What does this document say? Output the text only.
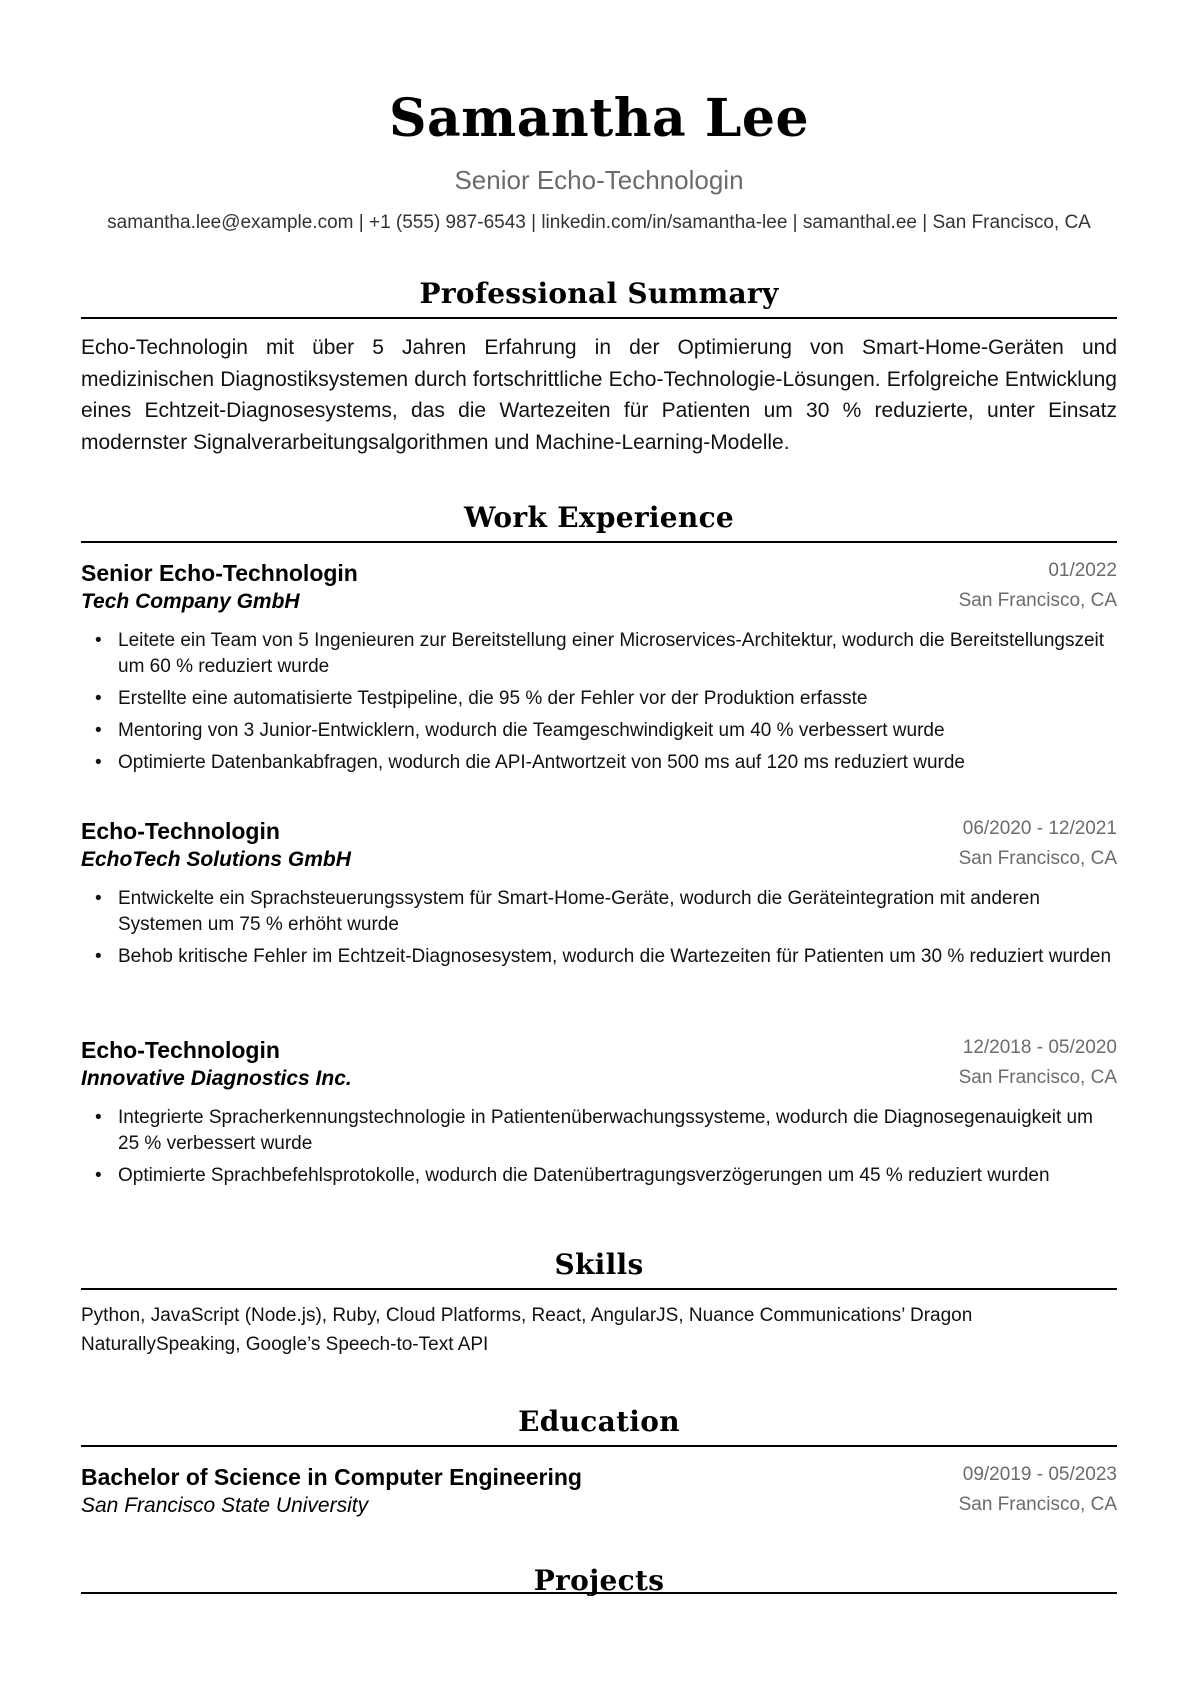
Samantha Lee
Senior Echo-Technologin
samantha.lee@example.com | +1 (555) 987-6543 | linkedin.com/in/samantha-lee | samanthal.ee | San Francisco, CA
Professional Summary

Echo-Technologin mit über 5 Jahren Erfahrung in der Optimierung von Smart-Home-Geräten und medizinischen Diagnostiksystemen durch fortschrittliche Echo-Technologie-Lösungen. Erfolgreiche Entwicklung eines Echtzeit-Diagnosesystems, das die Wartezeiten für Patienten um 30 % reduzierte, unter Einsatz modernster Signalverarbeitungsalgorithmen und Machine-Learning-Modelle.

Work Experience
Senior Echo-Technologin	01/2022
Tech Company GmbH	San Francisco, CA
• Leitete ein Team von 5 Ingenieuren zur Bereitstellung einer Microservices-Architektur, wodurch die Bereitstellungszeit um 60 % reduziert wurde
• Erstellte eine automatisierte Testpipeline, die 95 % der Fehler vor der Produktion erfasste
• Mentoring von 3 Junior-Entwicklern, wodurch die Teamgeschwindigkeit um 40 % verbessert wurde
• Optimierte Datenbankabfragen, wodurch die API-Antwortzeit von 500 ms auf 120 ms reduziert wurde
Echo-Technologin	06/2020 - 12/2021
EchoTech Solutions GmbH	San Francisco, CA
• Entwickelte ein Sprachsteuerungssystem für Smart-Home-Geräte, wodurch die Geräteintegration mit anderen Systemen um 75 % erhöht wurde
• Behob kritische Fehler im Echtzeit-Diagnosesystem, wodurch die Wartezeiten für Patienten um 30 % reduziert wurden
Echo-Technologin	12/2018 - 05/2020
Innovative Diagnostics Inc.	San Francisco, CA
• Integrierte Spracherkennungstechnologie in Patientenüberwachungssysteme, wodurch die Diagnosegenauigkeit um 25 % verbessert wurde
• Optimierte Sprachbefehlsprotokolle, wodurch die Datenübertragungsverzögerungen um 45 % reduziert wurden
Skills

Python, JavaScript (Node.js), Ruby, Cloud Platforms, React, AngularJS, Nuance Communications’ Dragon NaturallySpeaking, Google’s Speech-to-Text API

Education
Bachelor of Science in Computer Engineering	09/2019 - 05/2023
San Francisco State University	San Francisco, CA
Projects
